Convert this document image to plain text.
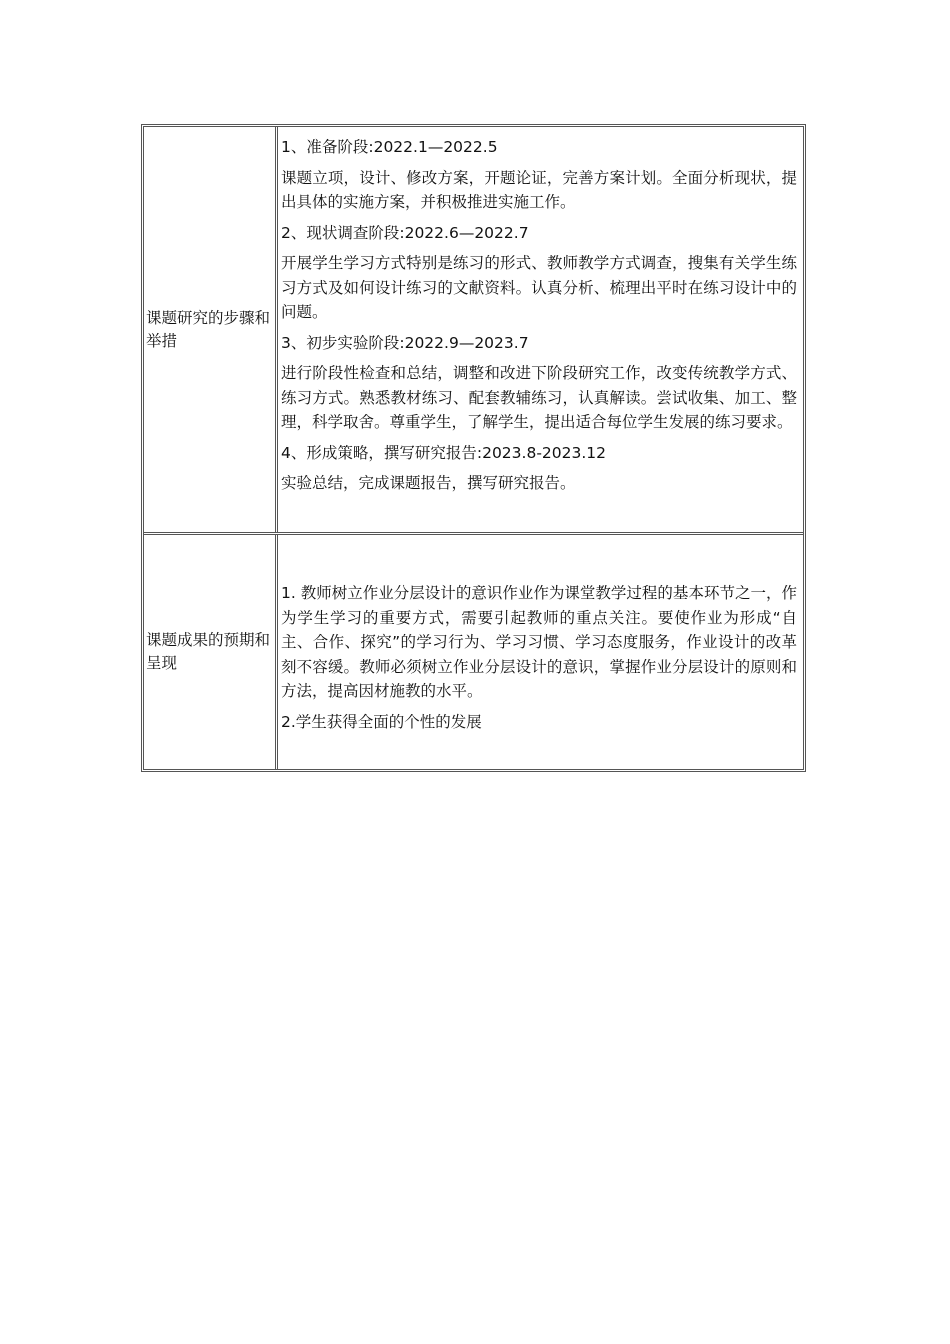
课题研究的步骤和举措

1、准备阶段:2022.1—2022.5

课题立项，设计、修改方案，开题论证，完善方案计划。全面分析现状，提出具体的实施方案，并积极推进实施工作。

2、现状调查阶段:2022.6—2022.7

开展学生学习方式特别是练习的形式、教师教学方式调查，搜集有关学生练习方式及如何设计练习的文献资料。认真分析、梳理出平时在练习设计中的问题。

3、初步实验阶段:2022.9—2023.7

进行阶段性检查和总结，调整和改进下阶段研究工作，改变传统教学方式、练习方式。熟悉教材练习、配套教辅练习，认真解读。尝试收集、加工、整理，科学取舍。尊重学生，了解学生，提出适合每位学生发展的练习要求。

4、形成策略，撰写研究报告:2023.8-2023.12

实验总结，完成课题报告，撰写研究报告。

课题成果的预期和呈现

1. 教师树立作业分层设计的意识作业作为课堂教学过程的基本环节之一，作为学生学习的重要方式，需要引起教师的重点关注。要使作业为形成“自主、合作、探究”的学习行为、学习习惯、学习态度服务，作业设计的改革刻不容缓。教师必须树立作业分层设计的意识，掌握作业分层设计的原则和方法，提高因材施教的水平。

2.学生获得全面的个性的发展
